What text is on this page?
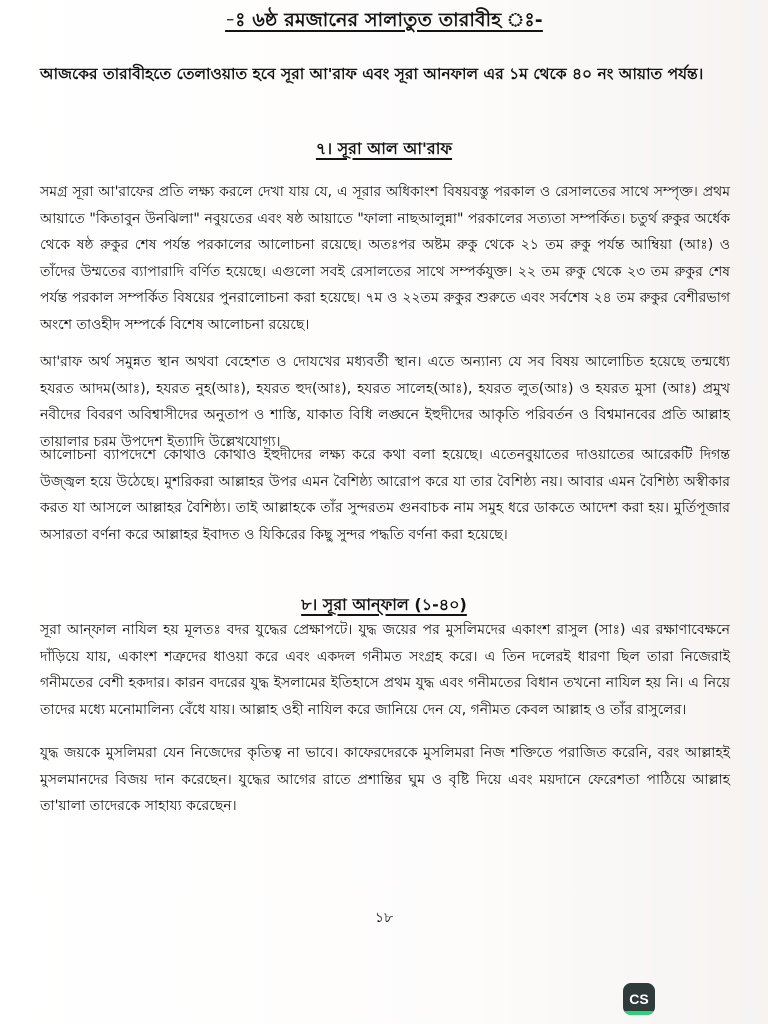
-ঃ ৬ষ্ঠ রমজানের সালাতুত তারাবীহ ঃ-

আজকের তারাবীহতে তেলাওয়াত হবে সূরা আ'রাফ এবং সূরা আনফাল এর ১ম থেকে ৪০ নং আয়াত পর্যন্ত।

৭। সূরা আল আ'রাফ

সমগ্র সূরা আ'রাফের প্রতি লক্ষ্য করলে দেখা যায় যে, এ সূরার অধিকাংশ বিষয়বস্তু পরকাল ও রেসালতের সাথে সম্পৃক্ত। প্রথম আয়াতে "কিতাবুন উনঝিলা" নবুয়তের এবং ষষ্ঠ আয়াতে "ফালা নাছআলুন্না" পরকালের সত্যতা সম্পর্কিত। চতুর্থ রুকুর অর্ধেক থেকে ষষ্ঠ রুকুর শেষ পর্যন্ত পরকালের আলোচনা রয়েছে। অতঃপর অষ্টম রুকু থেকে ২১ তম রুকু পর্যন্ত আম্বিয়া (আঃ) ও তাঁদের উম্মতের ব্যাপারাদি বর্ণিত হয়েছে। এগুলো সবই রেসালতের সাথে সম্পর্কযুক্ত। ২২ তম রুকু থেকে ২৩ তম রুকুর শেষ পর্যন্ত পরকাল সম্পর্কিত বিষয়ের পুনরালোচনা করা হয়েছে। ৭ম ও ২২তম রুকুর শুরুতে এবং সর্বশেষ ২৪ তম রুকুর বেশীরভাগ অংশে তাওহীদ সম্পর্কে বিশেষ আলোচনা রয়েছে।

আ'রাফ অর্থ সমুন্নত স্থান অথবা বেহেশত ও দোযখের মধ্যবর্তী স্থান। এতে অন্যান্য যে সব বিষয় আলোচিত হয়েছে তন্মধ্যে হযরত আদম(আঃ), হযরত নুহ(আঃ), হযরত হুদ(আঃ), হযরত সালেহ(আঃ), হযরত লুত(আঃ) ও হযরত মুসা (আঃ) প্রমুখ নবীদের বিবরণ অবিশ্বাসীদের অনুতাপ ও শাস্তি, যাকাত বিধি লঙ্ঘনে ইহুদীদের আকৃতি পরিবর্তন ও বিশ্বমানবের প্রতি আল্লাহ তায়ালার চরম উপদেশ ইত্যাদি উল্লেখযোগ্য।

আলোচনা ব্যাপদেশে কোথাও কোথাও ইহুদীদের লক্ষ্য করে কথা বলা হয়েছে। এতেনবুয়াতের দাওয়াতের আরেকটি দিগন্ত উজ্জ্বল হয়ে উঠেছে। মুশরিকরা আল্লাহর উপর এমন বৈশিষ্ঠ্য আরোপ করে যা তার বৈশিষ্ঠ্য নয়। আবার এমন বৈশিষ্ঠ্য অস্বীকার করত যা আসলে আল্লাহর বৈশিষ্ঠ্য। তাই আল্লাহকে তাঁর সুন্দরতম গুনবাচক নাম সমুহ ধরে ডাকতে আদেশ করা হয়। মুর্তিপূজার অসারতা বর্ণনা করে আল্লাহর ইবাদত ও যিকিরের কিছু সুন্দর পদ্ধতি বর্ণনা করা হয়েছে।

৮। সূরা আন্‌ফাল (১-৪০)

সূরা আন্‌ফাল নাযিল হয় মূলতঃ বদর যুদ্ধের প্রেক্ষাপটে। যুদ্ধ জয়ের পর মুসলিমদের একাংশ রাসুল (সাঃ) এর রক্ষাণাবেক্ষনে দাঁড়িয়ে যায়, একাংশ শত্রুদের ধাওয়া করে এবং একদল গনীমত সংগ্রহ করে। এ তিন দলেরই ধারণা ছিল তারা নিজেরাই গনীমতের বেশী হকদার। কারন বদরের যুদ্ধ ইসলামের ইতিহাসে প্রথম যুদ্ধ এবং গনীমতের বিধান তখনো নাযিল হয় নি। এ নিয়ে তাদের মধ্যে মনোমালিন্য বেঁধে যায়। আল্লাহ ওহী নাযিল করে জানিয়ে দেন যে, গনীমত কেবল আল্লাহ ও তাঁর রাসুলের।

যুদ্ধ জয়কে মুসলিমরা যেন নিজেদের কৃতিত্ব না ভাবে। কাফেরদেরকে মুসলিমরা নিজ শক্তিতে পরাজিত করেনি, বরং আল্লাহই মুসলমানদের বিজয় দান করেছেন। যুদ্ধের আগের রাতে প্রশান্তির ঘুম ও বৃষ্টি দিয়ে এবং ময়দানে ফেরেশতা পাঠিয়ে আল্লাহ তা'য়ালা তাদেরকে সাহায্য করেছেন।

১৮
CS
